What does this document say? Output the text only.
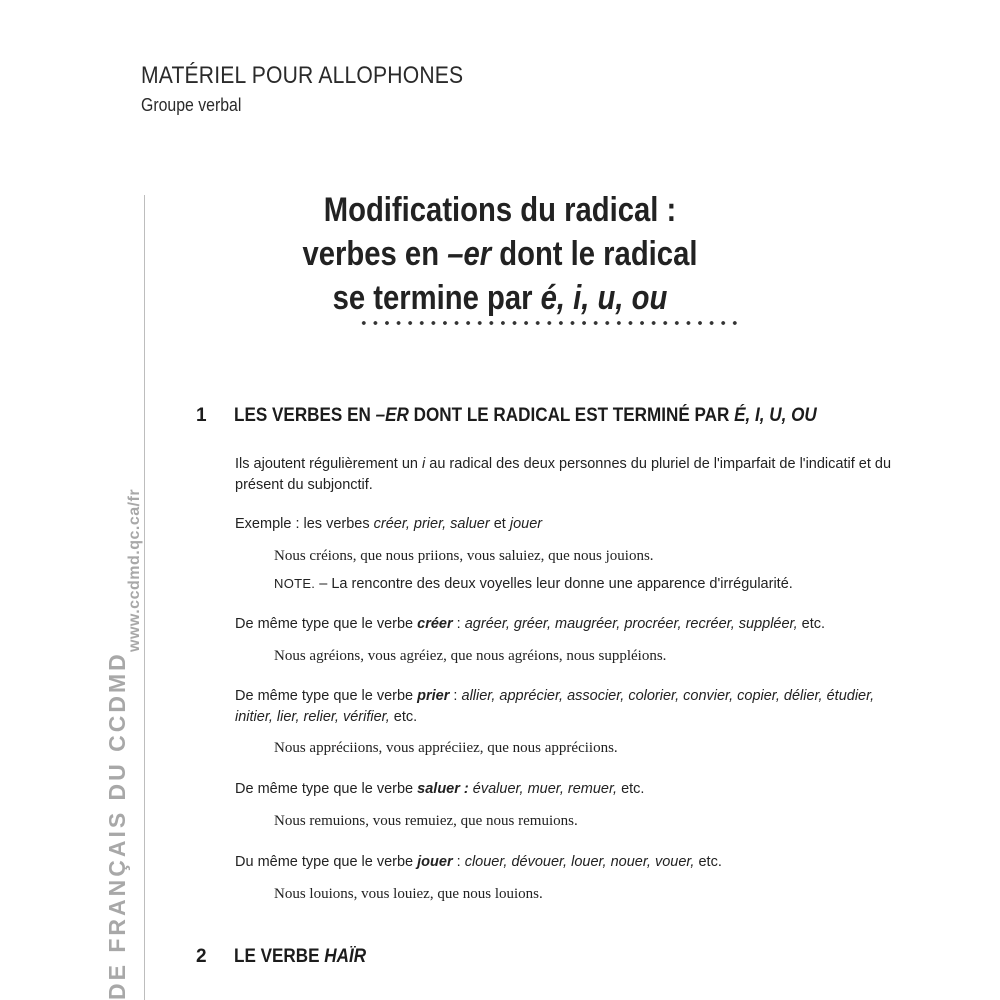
MATÉRIEL POUR ALLOPHONES
Groupe verbal
www.ccdmd.qc.ca/fr
DE FRANÇAIS DU CCDMD
Modifications du radical :
verbes en –er dont le radical
se termine par é, i, u, ou
1 LES VERBES EN –ER DONT LE RADICAL EST TERMINÉ PAR É, I, U, OU
Ils ajoutent régulièrement un i au radical des deux personnes du pluriel de l'imparfait de l'indicatif et du présent du subjonctif.
Exemple : les verbes créer, prier, saluer et jouer
Nous créions, que nous priions, vous saluiez, que nous jouions.
NOTE. – La rencontre des deux voyelles leur donne une apparence d'irrégularité.
De même type que le verbe créer : agréer, gréer, maugréer, procréer, recréer, suppléer, etc.
Nous agréions, vous agréiez, que nous agréions, nous suppléions.
De même type que le verbe prier : allier, apprécier, associer, colorier, convier, copier, délier, étudier, initier, lier, relier, vérifier, etc.
Nous appréciions, vous appréciiez, que nous appréciions.
De même type que le verbe saluer : évaluer, muer, remuer, etc.
Nous remuions, vous remuiez, que nous remuions.
Du même type que le verbe jouer : clouer, dévouer, louer, nouer, vouer, etc.
Nous louions, vous louiez, que nous louions.
2 LE VERBE HAÏR
